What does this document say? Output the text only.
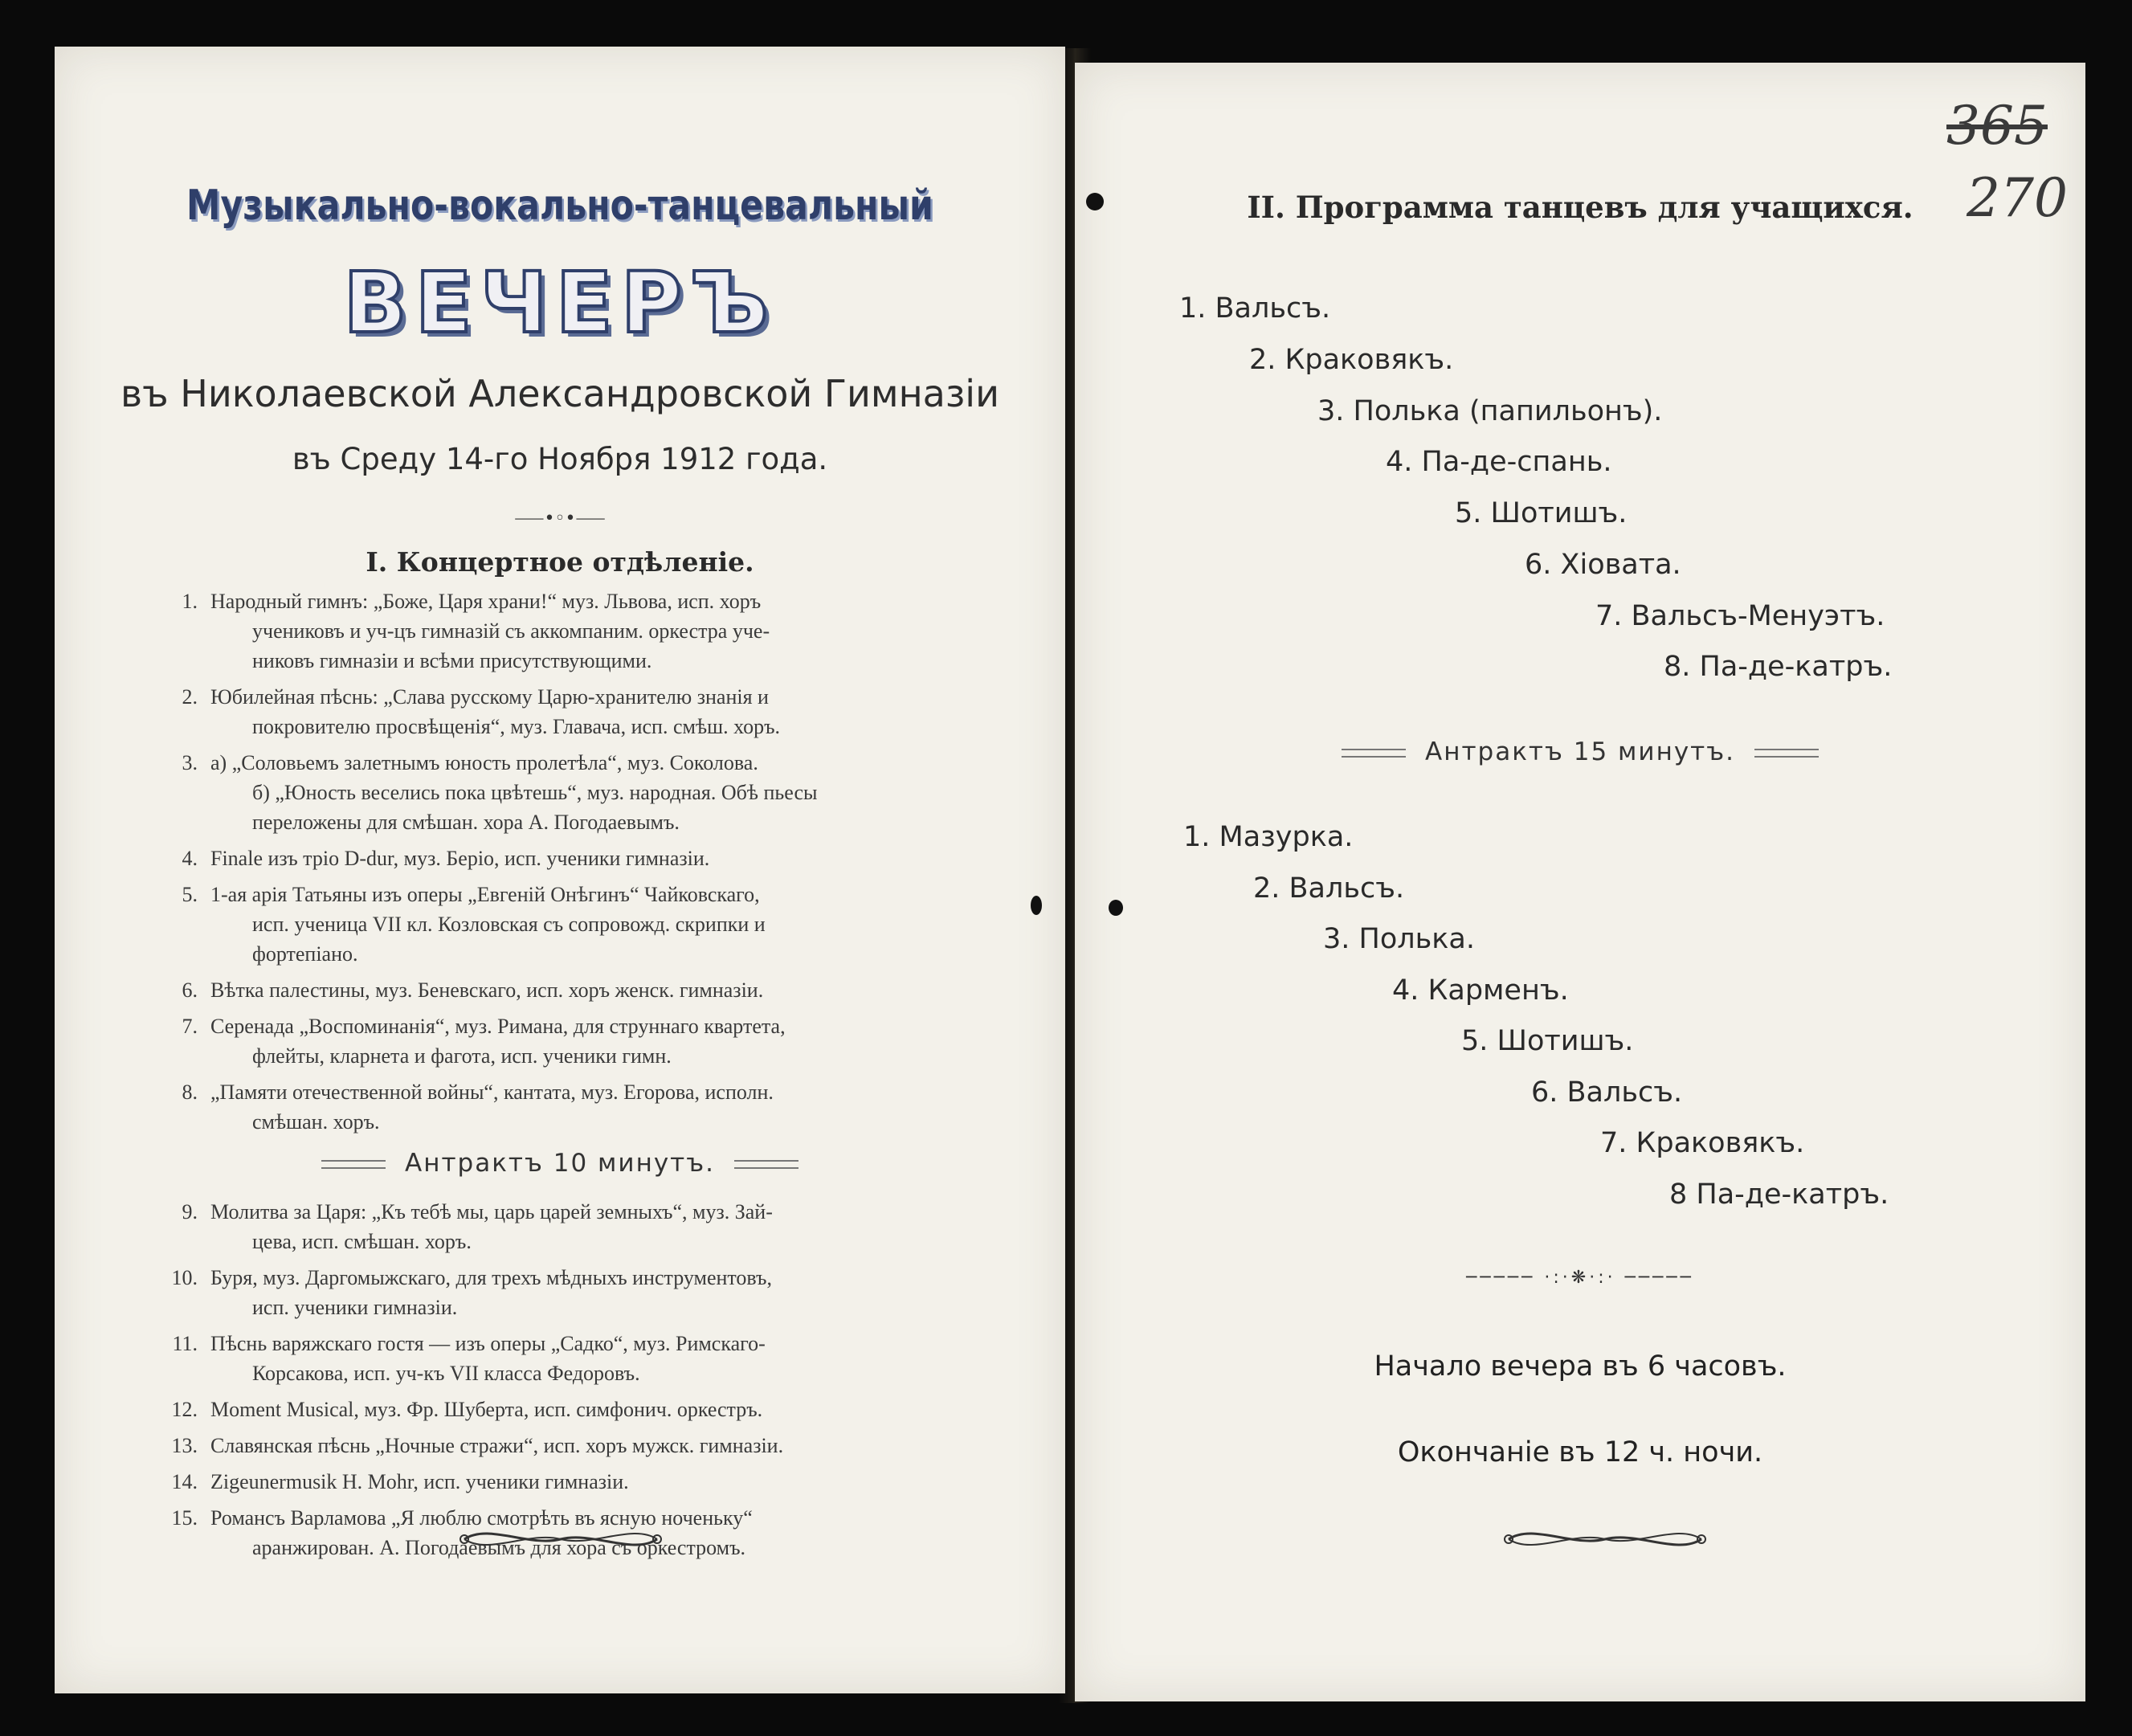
Музыкально-вокально-танцевальный
ВЕЧЕРЪ
въ Николаевской Александровской Гимназіи
въ Среду 14-го Ноября 1912 года.
⸺•◦•⸺
I. Концертное отдѣленіе.
1. Народный гимнъ: „Боже, Царя храни!“ муз. Львова, исп. хоръ
учениковъ и уч-цъ гимназій съ аккомпаним. оркестра уче-
никовъ гимназіи и всѣми присутствующими.
2. Юбилейная пѣснь: „Слава русскому Царю-хранителю знанія и
покровителю просвѣщенія“, муз. Главача, исп. смѣш. хоръ.
3. а) „Соловьемъ залетнымъ юность пролетѣла“, муз. Соколова.
б) „Юность веселись пока цвѣтешь“, муз. народная. Обѣ пьесы
переложены для смѣшан. хора А. Погодаевымъ.
4. Finale изъ тріо D-dur, муз. Беріо, исп. ученики гимназіи.
5. 1-ая арія Татьяны изъ оперы „Евгеній Онѣгинъ“ Чайковскаго,
исп. ученица VII кл. Козловская съ сопровожд. скрипки и
фортепіано.
6. Вѣтка палестины, муз. Беневскаго, исп. хоръ женск. гимназіи.
7. Серенада „Воспоминанія“, муз. Римана, для струннаго квартета,
флейты, кларнета и фагота, исп. ученики гимн.
8. „Памяти отечественной войны“, кантата, муз. Егорова, исполн.
смѣшан. хоръ.
Антрактъ 10 минутъ.
9. Молитва за Царя: „Къ тебѣ мы, царь царей земныхъ“, муз. Зай-
цева, исп. смѣшан. хоръ.
10. Буря, муз. Даргомыжскаго, для трехъ мѣдныхъ инструментовъ,
исп. ученики гимназіи.
11. Пѣснь варяжскаго гостя — изъ оперы „Садко“, муз. Римскаго-
Корсакова, исп. уч-къ VII класса Федоровъ.
12. Moment Musical, муз. Фр. Шуберта, исп. симфонич. оркестръ.
13. Славянская пѣснь „Ночные стражи“, исп. хоръ мужск. гимназіи.
14. Zigeunermusik H. Mohr, исп. ученики гимназіи.
15. Романсъ Варламова „Я люблю смотрѣть въ ясную ноченьку“
аранжирован. А. Погодаевымъ для хора съ оркестромъ.
365
270
II. Программа танцевъ для учащихся.
1. Вальсъ.
2. Краковякъ.
3. Полька (папильонъ).
4. Па-де-спань.
5. Шотишъ.
6. Хіовата.
7. Вальсъ-Менуэтъ.
8. Па-де-катръ.
Антрактъ 15 минутъ.
1. Мазурка.
2. Вальсъ.
3. Полька.
4. Карменъ.
5. Шотишъ.
6. Вальсъ.
7. Краковякъ.
8 Па-де-катръ.
───── ·:·❋·:· ─────
Начало вечера въ 6 часовъ.
Окончаніе въ 12 ч. ночи.
